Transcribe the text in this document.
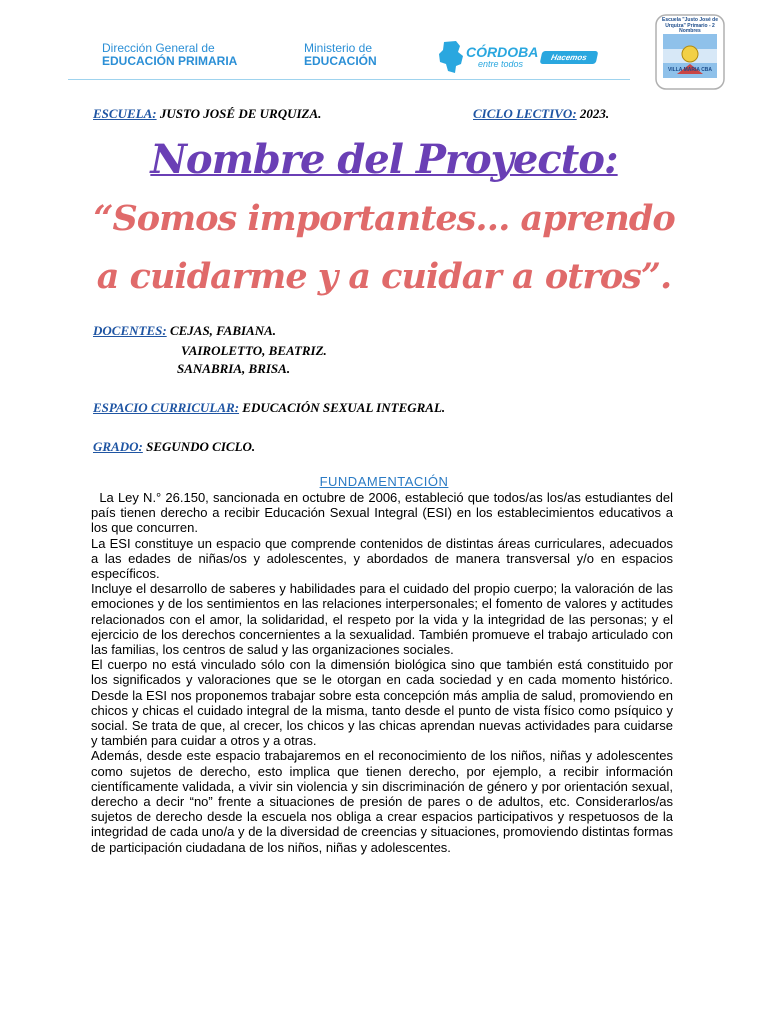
Dirección General de
EDUCACIÓN PRIMARIA
Ministerio de
EDUCACIÓN
CÓRDOBA
entre todos
Hacemos
Escuela "Justo José de Urquiza" Primario - 2 Nombres
VILLA MARIA CBA
ESCUELA: JUSTO JOSÉ DE URQUIZA.	CICLO LECTIVO: 2023.
Nombre del Proyecto:
“Somos importantes… aprendo a cuidarme y a cuidar a otros”.
DOCENTES: CEJAS, FABIANA.
VAIROLETTO, BEATRIZ.
SANABRIA, BRISA.
ESPACIO CURRICULAR: EDUCACIÓN SEXUAL INTEGRAL.
GRADO: SEGUNDO CICLO.
FUNDAMENTACIÓN

La Ley N.° 26.150, sancionada en octubre de 2006, estableció que todos/as los/as estudiantes del país tienen derecho a recibir Educación Sexual Integral (ESI) en los establecimientos educativos a los que concurren.

La ESI constituye un espacio que comprende contenidos de distintas áreas curriculares, adecuados a las edades de niñas/os y adolescentes, y abordados de manera transversal y/o en espacios específicos.

Incluye el desarrollo de saberes y habilidades para el cuidado del propio cuerpo; la valoración de las emociones y de los sentimientos en las relaciones interpersonales; el fomento de valores y actitudes relacionados con el amor, la solidaridad, el respeto por la vida y la integridad de las personas; y el ejercicio de los derechos concernientes a la sexualidad. También promueve el trabajo articulado con las familias, los centros de salud y las organizaciones sociales.

El cuerpo no está vinculado sólo con la dimensión biológica sino que también está constituido por los significados y valoraciones que se le otorgan en cada sociedad y en cada momento histórico. Desde la ESI nos proponemos trabajar sobre esta concepción más amplia de salud, promoviendo en chicos y chicas el cuidado integral de la misma, tanto desde el punto de vista físico como psíquico y social. Se trata de que, al crecer, los chicos y las chicas aprendan nuevas actividades para cuidarse y también para cuidar a otros y a otras.

Además, desde este espacio trabajaremos en el reconocimiento de los niños, niñas y adolescentes como sujetos de derecho, esto implica que tienen derecho, por ejemplo, a recibir información científicamente validada, a vivir sin violencia y sin discriminación de género y por orientación sexual, derecho a decir “no” frente a situaciones de presión de pares o de adultos, etc. Considerarlos/as sujetos de derecho desde la escuela nos obliga a crear espacios participativos y respetuosos de la integridad de cada uno/a y de la diversidad de creencias y situaciones, promoviendo distintas formas de participación ciudadana de los niños, niñas y adolescentes.
